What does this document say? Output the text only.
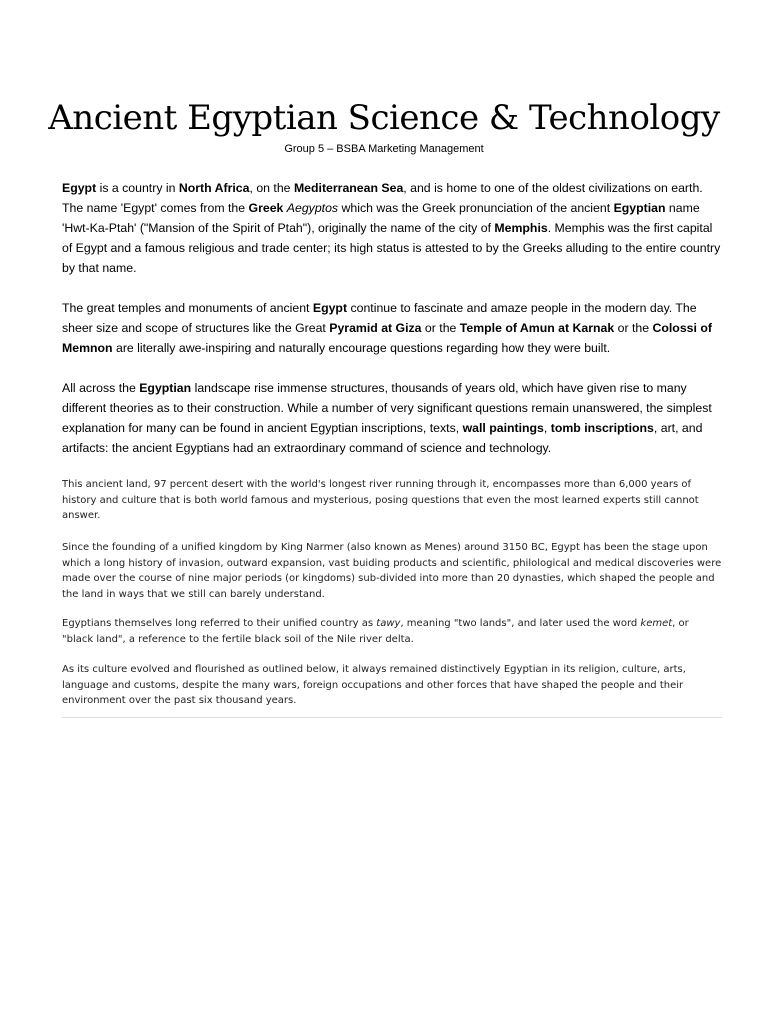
Ancient Egyptian Science & Technology

Group 5 – BSBA Marketing Management

Egypt is a country in North Africa, on the Mediterranean Sea, and is home to one of the oldest civilizations on earth. The name 'Egypt' comes from the Greek Aegyptos which was the Greek pronunciation of the ancient Egyptian name 'Hwt-Ka-Ptah' ("Mansion of the Spirit of Ptah"), originally the name of the city of Memphis. Memphis was the first capital of Egypt and a famous religious and trade center; its high status is attested to by the Greeks alluding to the entire country by that name.

The great temples and monuments of ancient Egypt continue to fascinate and amaze people in the modern day. The sheer size and scope of structures like the Great Pyramid at Giza or the Temple of Amun at Karnak or the Colossi of Memnon are literally awe-inspiring and naturally encourage questions regarding how they were built.

All across the Egyptian landscape rise immense structures, thousands of years old, which have given rise to many different theories as to their construction. While a number of very significant questions remain unanswered, the simplest explanation for many can be found in ancient Egyptian inscriptions, texts, wall paintings, tomb inscriptions, art, and artifacts: the ancient Egyptians had an extraordinary command of science and technology.

This ancient land, 97 percent desert with the world's longest river running through it, encompasses more than 6,000 years of history and culture that is both world famous and mysterious, posing questions that even the most learned experts still cannot answer.

Since the founding of a unified kingdom by King Narmer (also known as Menes) around 3150 BC, Egypt has been the stage upon which a long history of invasion, outward expansion, vast buiding products and scientific, philological and medical discoveries were made over the course of nine major periods (or kingdoms) sub-divided into more than 20 dynasties, which shaped the people and the land in ways that we still can barely understand.

Egyptians themselves long referred to their unified country as tawy, meaning "two lands", and later used the word kemet, or "black land", a reference to the fertile black soil of the Nile river delta.

As its culture evolved and flourished as outlined below, it always remained distinctively Egyptian in its religion, culture, arts, language and customs, despite the many wars, foreign occupations and other forces that have shaped the people and their environment over the past six thousand years.
